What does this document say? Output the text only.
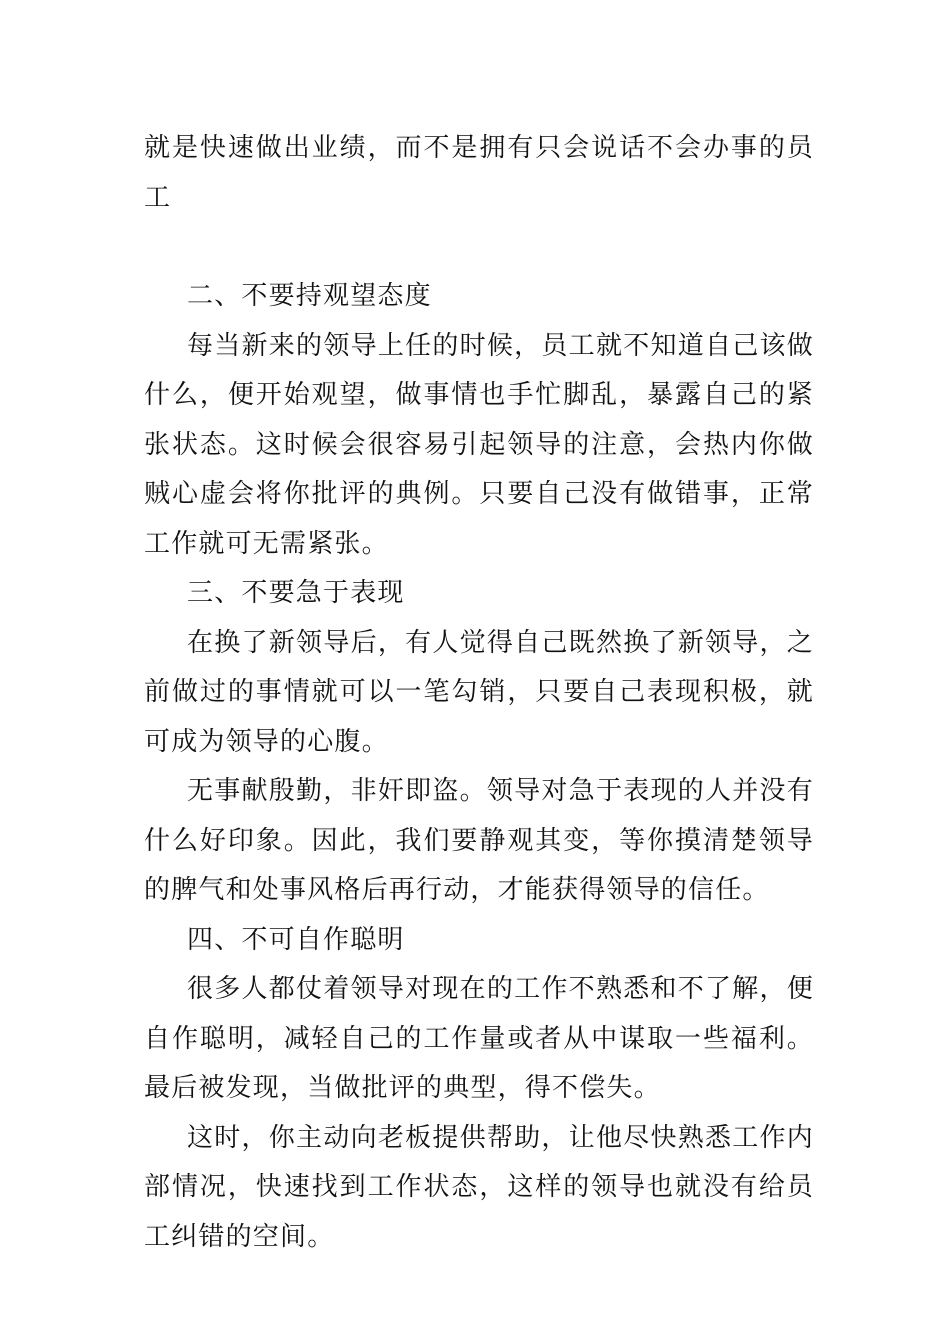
就是快速做出业绩，而不是拥有只会说话不会办事的员工

二、不要持观望态度

每当新来的领导上任的时候，员工就不知道自己该做什么，便开始观望，做事情也手忙脚乱，暴露自己的紧张状态。这时候会很容易引起领导的注意，会热内你做贼心虚会将你批评的典例。只要自己没有做错事，正常工作就可无需紧张。

三、不要急于表现

在换了新领导后，有人觉得自己既然换了新领导，之前做过的事情就可以一笔勾销，只要自己表现积极，就可成为领导的心腹。

无事献殷勤，非奸即盗。领导对急于表现的人并没有什么好印象。因此，我们要静观其变，等你摸清楚领导的脾气和处事风格后再行动，才能获得领导的信任。

四、不可自作聪明

很多人都仗着领导对现在的工作不熟悉和不了解，便自作聪明，减轻自己的工作量或者从中谋取一些福利。最后被发现，当做批评的典型，得不偿失。

这时，你主动向老板提供帮助，让他尽快熟悉工作内部情况，快速找到工作状态，这样的领导也就没有给员工纠错的空间。
